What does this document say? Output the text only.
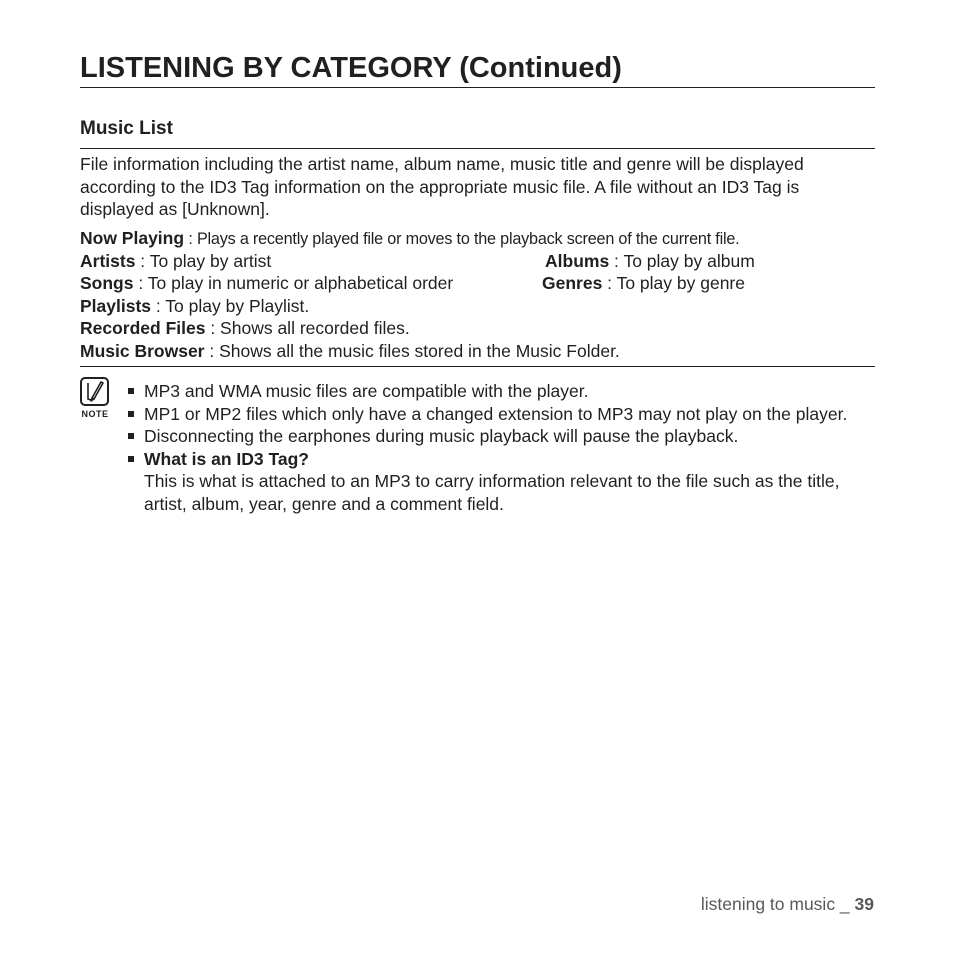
LISTENING BY CATEGORY (Continued)
Music List

File information including the artist name, album name, music title and genre will be displayed according to the ID3 Tag information on the appropriate music file. A file without an ID3 Tag is displayed as [Unknown].

Now Playing : Plays a recently played file or moves to the playback screen of the current file.
Artists : To play by artist	Albums : To play by album
Songs : To play in numeric or alphabetical order	Genres : To play by genre
Playlists : To play by Playlist.
Recorded Files : Shows all recorded files.
Music Browser : Shows all the music files stored in the Music Folder.
NOTE
MP3 and WMA music files are compatible with the player.
MP1 or MP2 files which only have a changed extension to MP3 may not play on the player.
Disconnecting the earphones during music playback will pause the playback.
What is an ID3 Tag?
This is what is attached to an MP3 to carry information relevant to the file such as the title, artist, album, year, genre and a comment field.
listening to music _ 39
